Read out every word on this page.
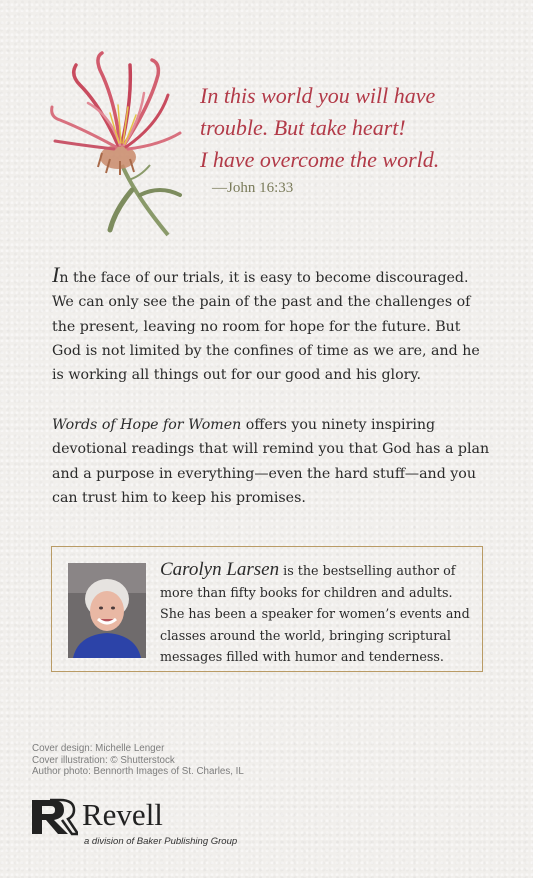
In this world you will have
trouble. But take heart!
I have overcome the world.
—John 16:33
In the face of our trials, it is easy to become discouraged. We can only see the pain of the past and the challenges of the present, leaving no room for hope for the future. But God is not limited by the confines of time as we are, and he is working all things out for our good and his glory.
Words of Hope for Women offers you ninety inspiring devotional readings that will remind you that God has a plan and a purpose in everything—even the hard stuff—and you can trust him to keep his promises.
Carolyn Larsen is the bestselling author of more than fifty books for children and adults. She has been a speaker for women’s events and classes around the world, bringing scriptural messages filled with humor and tenderness.
Cover design: Michelle Lenger
Cover illustration: © Shutterstock
Author photo: Bennorth Images of St. Charles, IL
Revell
a division of Baker Publishing Group
